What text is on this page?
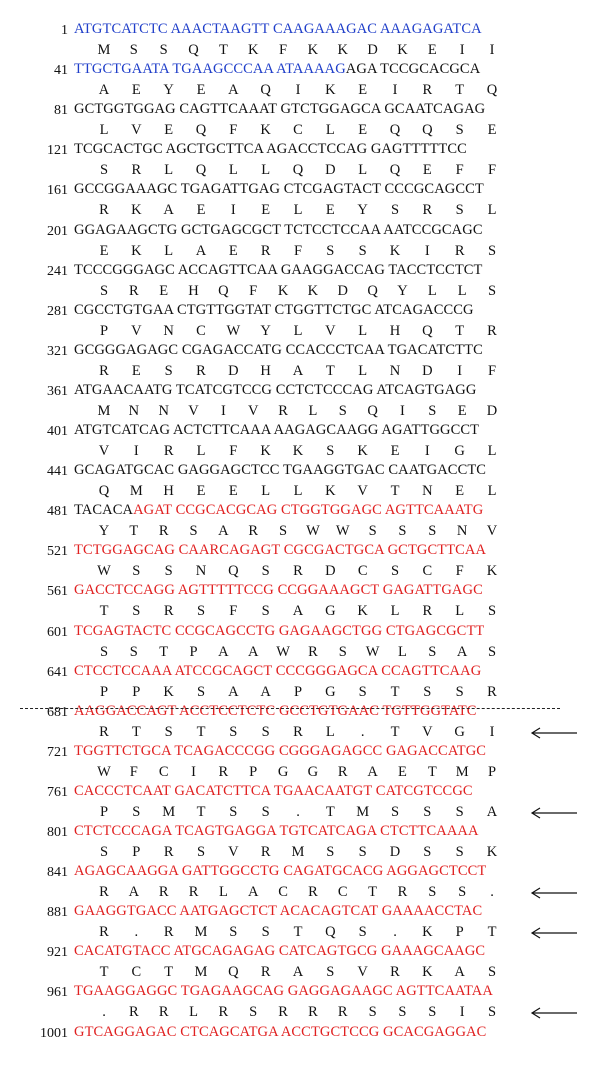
1 ATGTCATCTC AAACTAAGTT CAAGAAAGAC AAAGAGATCA
M S S Q T K F K K D K E I I
41 TTGCTGAATA TGAAGCCCAA ATAAAAGAGA TCCGCACGCA
A E Y E A Q I K E I R T Q
81 GCTGGTGGAG CAGTTCAAAT GTCTGGAGCA GCAATCAGAG
L V E Q F K C L E Q Q S E
121 TCGCACTGC AGCTGCTTCA AGACCTCCAG GAGTTTTTCC
S R L Q L L Q D L Q E F F
161 GCCGGAAAGC TGAGATTGAG CTCGAGTACT CCCGCAGCCT
R K A E I E L E Y S R S L
201 GGAGAAGCTG GCTGAGCGCT TCTCCTCCAA AATCCGCAGC
E K L A E R F S S K I R S
241 TCCCGGGAGC ACCAGTTCAA GAAGGACCAG TACCTCCTCT
S R E H Q F K K D Q Y L L S
281 CGCCTGTGAA CTGTTGGTAT CTGGTTCTGC ATCAGACCCG
P V N C W Y L V L H Q T R
321 GCGGGAGAGC CGAGACCATG CCACCCTCAA TGACATCTTC
R E S R D H A T L N D I F
361 ATGAACAATG TCATCGTCCG CCTCTCCCAG ATCAGTGAGG
M N N V I V R L S Q I S E D
401 ATGTCATCAG ACTCTTCAAA AAGAGCAAGG AGATTGGCCT
V I R L F K K S K E I G L
441 GCAGATGCAC GAGGAGCTCC TGAAGGTGAC CAATGACCTC
Q M H E E L L K V T N E L
481 TACACAAGAT CCGCACGCAG CTGGTGGAGC AGTTCAAATG
Y T R S A R S W W S S S N V
521 TCTGGAGCAG CAARCAGAGT CGCGACTGCA GCTGCTTCAA
W S S N Q S R D C S C F K
561 GACCTCCAGG AGTTTTTCCG CCGGAAAGCT GAGATTGAGC
T S R S F S A G K L R L S
601 TCGAGTACTC CCGCAGCCTG GAGAAGCTGG CTGAGCGCTT
S S T P A A W R S W L S A S
641 CTCCTCCAAA ATCCGCAGCT CCCGGGAGCA CCAGTTCAAG
P P K S A A P G S T S S R
681 AAGGACCAGT ACCTCCTCTC GCCTGTGAAC TGTTGGTATC
R T S T S S R L . T V G I
721 TGGTTCTGCA TCAGACCCGG CGGGAGAGCC GAGACCATGC
W F C I R P G G R A E T M P
761 CACCCTCAAT GACATCTTCA TGAACAATGT CATCGTCCGC
P S M T S S . T M S S S A
801 CTCTCCCAGA TCAGTGAGGA TGTCATCAGA CTCTTCAAAA
S P R S V R M S S D S S K
841 AGAGCAAGGA GATTGGCCTG CAGATGCACG AGGAGCTCCT
R A R R L A C R C T R S S .
881 GAAGGTGACC AATGAGCTCT ACACAGTCAT GAAAACCTAC
R . R M S S T Q S . K P T
921 CACATGTACC ATGCAGAGAG CATCAGTGCG GAAAGCAAGC
T C T M Q R A S V R K A S
961 TGAAGGAGGC TGAGAAGCAG GAGGAGAAGC AGTTCAATAA
. R R L R S R R R S S S I S
1001 GTCAGGAGAC CTCAGCATGA ACCTGCTCCG GCACGAGGAC
